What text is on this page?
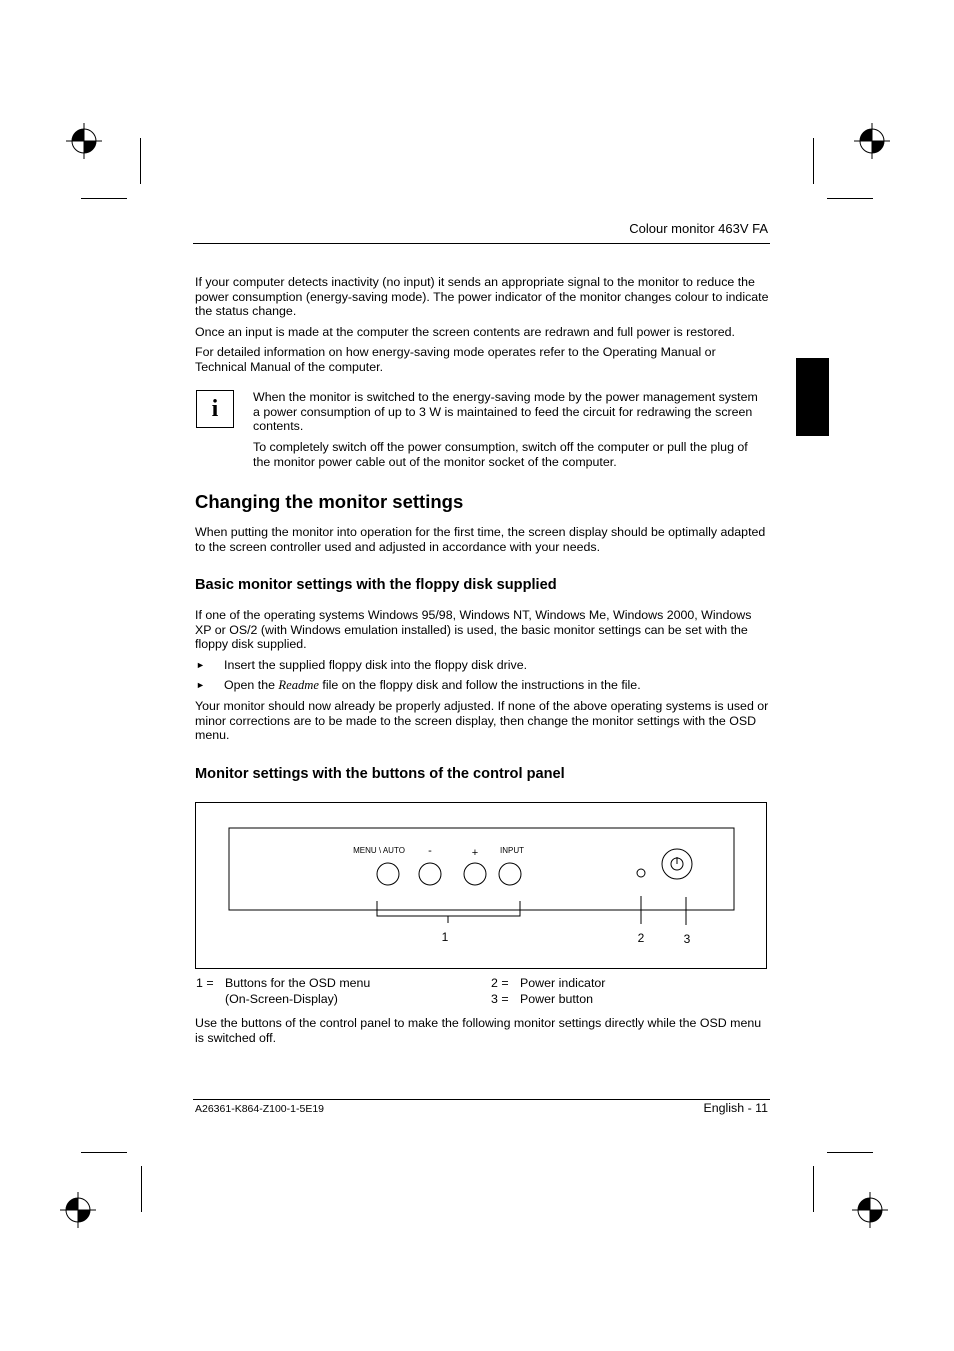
Colour monitor 463V FA
If your computer detects inactivity (no input) it sends an appropriate signal to the monitor to reduce the power consumption (energy-saving mode). The power indicator of the monitor changes colour to indicate the status change.
Once an input is made at the computer the screen contents are redrawn and full power is restored.
For detailed information on how energy-saving mode operates refer to the Operating Manual or Technical Manual of the computer.
i	When the monitor is switched to the energy-saving mode by the power management system a power consumption of up to 3 W is maintained to feed the circuit for redrawing the screen contents.
To completely switch off the power consumption, switch off the computer or pull the plug of the monitor power cable out of the monitor socket of the computer.
Changing the monitor settings
When putting the monitor into operation for the first time, the screen display should be optimally adapted to the screen controller used and adjusted in accordance with your needs.
Basic monitor settings with the floppy disk supplied
If one of the operating systems Windows 95/98, Windows NT, Windows Me, Windows 2000, Windows XP or OS/2 (with Windows emulation installed) is used, the basic monitor settings can be set with the floppy disk supplied.
► Insert the supplied floppy disk into the floppy disk drive.
► Open the Readme file on the floppy disk and follow the instructions in the file.
Your monitor should now already be properly adjusted. If none of the above operating systems is used or minor corrections are to be made to the screen display, then change the monitor settings with the OSD menu.
Monitor settings with the buttons of the control panel
MENU \ AUTO -	+	INPUT
1	2	3
1 = Buttons for the OSD menu
(On-Screen-Display)
2 = Power indicator
3 = Power button
Use the buttons of the control panel to make the following monitor settings directly while the OSD menu is switched off.
A26361-K864-Z100-1-5E19	English - 11
